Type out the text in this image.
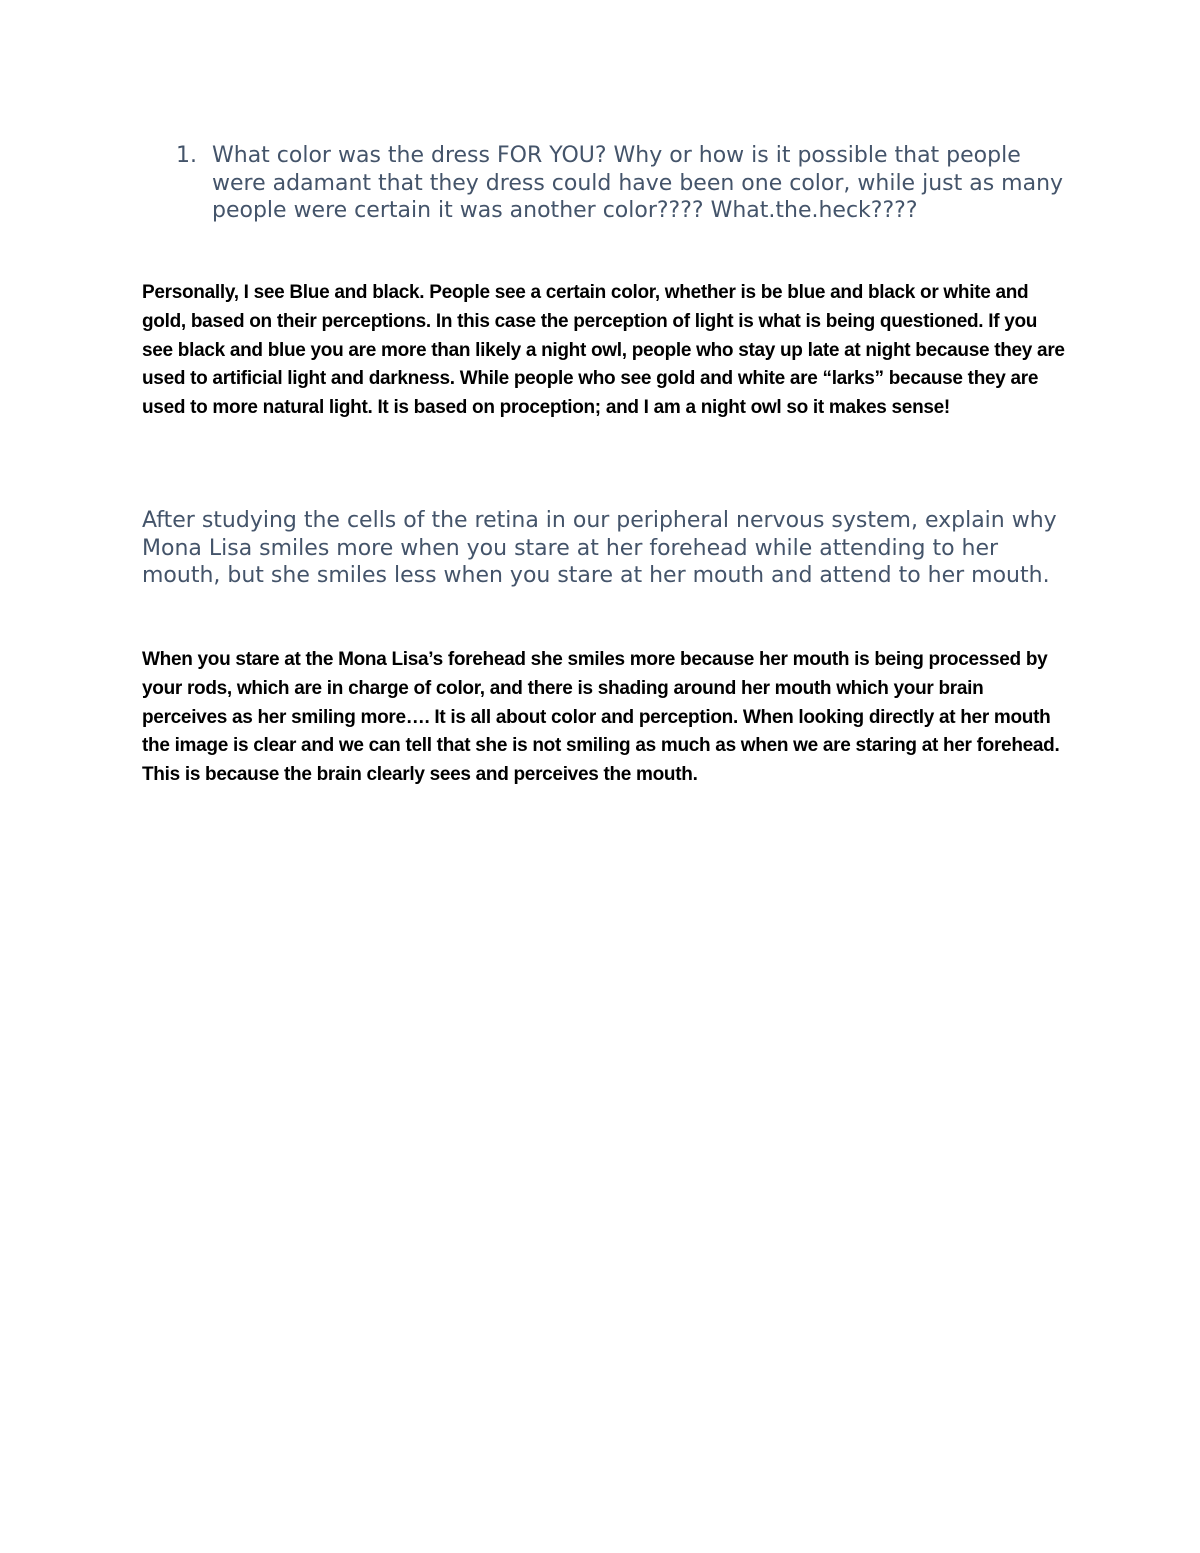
1. What color was the dress FOR YOU? Why or how is it possible that people were adamant that they dress could have been one color, while just as many people were certain it was another color???? What.the.heck????

Personally, I see Blue and black. People see a certain color, whether is be blue and black or white and gold, based on their perceptions. In this case the perception of light is what is being questioned. If you see black and blue you are more than likely a night owl, people who stay up late at night because they are used to artificial light and darkness. While people who see gold and white are “larks” because they are used to more natural light. It is based on proception; and I am a night owl so it makes sense!

After studying the cells of the retina in our peripheral nervous system, explain why Mona Lisa smiles more when you stare at her forehead while attending to her mouth, but she smiles less when you stare at her mouth and attend to her mouth.

When you stare at the Mona Lisa’s forehead she smiles more because her mouth is being processed by your rods, which are in charge of color, and there is shading around her mouth which your brain perceives as her smiling more…. It is all about color and perception. When looking directly at her mouth the image is clear and we can tell that she is not smiling as much as when we are staring at her forehead. This is because the brain clearly sees and perceives the mouth.
